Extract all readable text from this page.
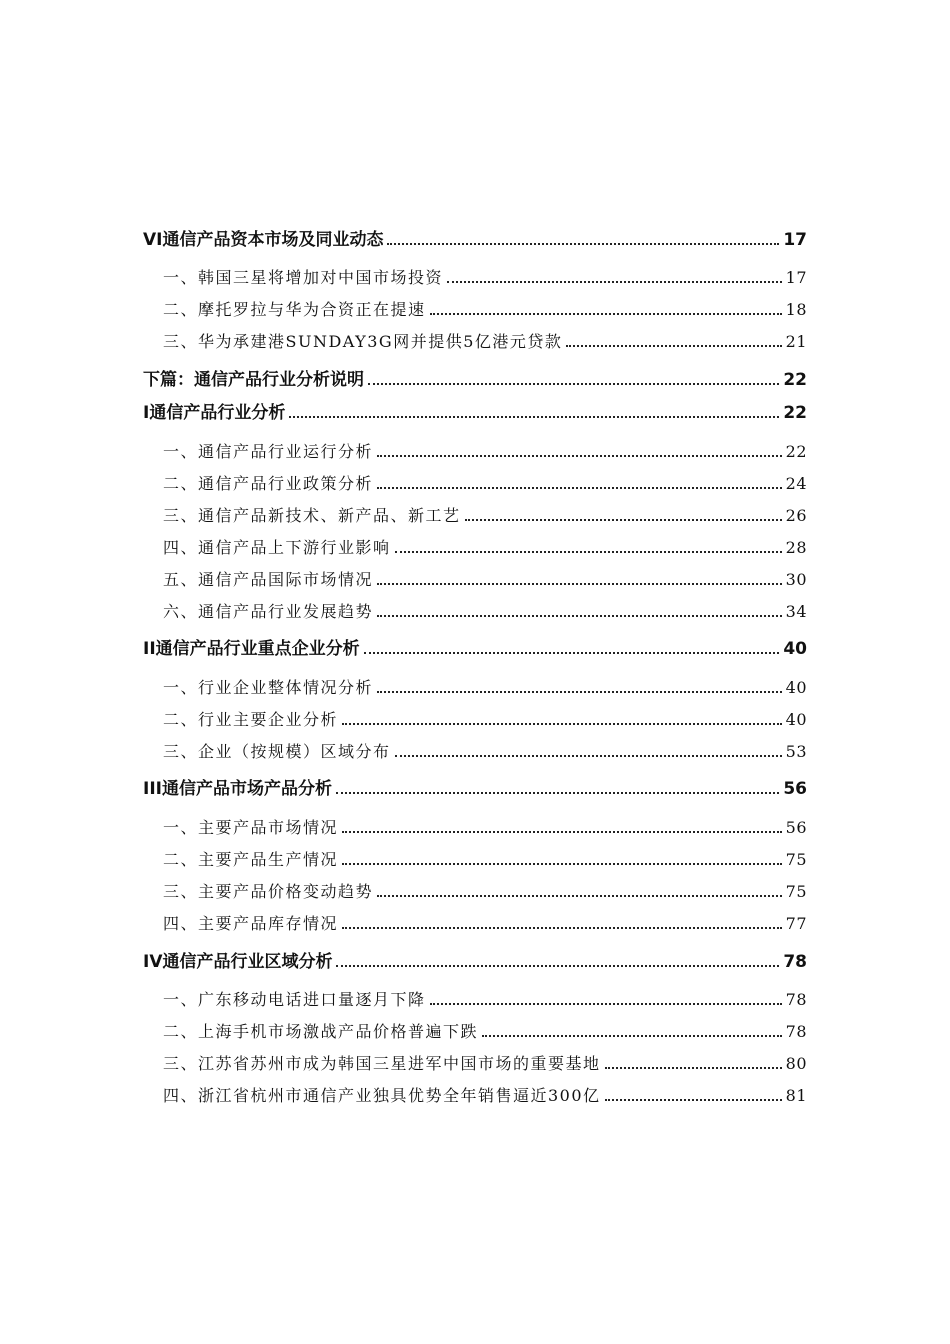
VI通信产品资本市场及同业动态	17
一、韩国三星将增加对中国市场投资	17
二、摩托罗拉与华为合资正在提速	18
三、华为承建港SUNDAY3G网并提供5亿港元贷款	21
下篇：通信产品行业分析说明	22
I通信产品行业分析	22
一、通信产品行业运行分析	22
二、通信产品行业政策分析	24
三、通信产品新技术、新产品、新工艺	26
四、通信产品上下游行业影响	28
五、通信产品国际市场情况	30
六、通信产品行业发展趋势	34
II通信产品行业重点企业分析	40
一、行业企业整体情况分析	40
二、行业主要企业分析	40
三、企业（按规模）区域分布	53
III通信产品市场产品分析	56
一、主要产品市场情况	56
二、主要产品生产情况	75
三、主要产品价格变动趋势	75
四、主要产品库存情况	77
IV通信产品行业区域分析	78
一、广东移动电话进口量逐月下降	78
二、上海手机市场激战产品价格普遍下跌	78
三、江苏省苏州市成为韩国三星进军中国市场的重要基地	80
四、浙江省杭州市通信产业独具优势全年销售逼近300亿	81
